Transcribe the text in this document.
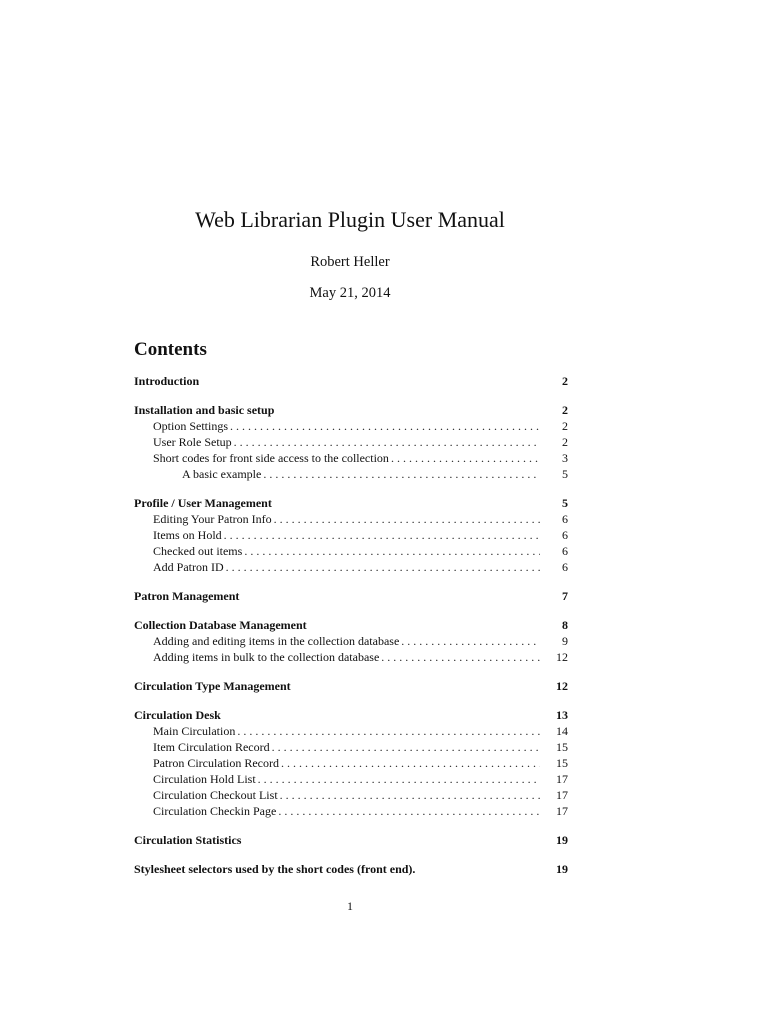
Web Librarian Plugin User Manual
Robert Heller
May 21, 2014
Contents
Introduction	2
Installation and basic setup	2
Option Settings . . .	2
User Role Setup . . .	2
Short codes for front side access to the collection . . .	3
A basic example . . .	5
Profile / User Management	5
Editing Your Patron Info . . .	6
Items on Hold . . .	6
Checked out items . . .	6
Add Patron ID . . .	6
Patron Management	7
Collection Database Management	8
Adding and editing items in the collection database . . .	9
Adding items in bulk to the collection database . . .	12
Circulation Type Management	12
Circulation Desk	13
Main Circulation . . .	14
Item Circulation Record . . .	15
Patron Circulation Record . . .	15
Circulation Hold List . . .	17
Circulation Checkout List . . .	17
Circulation Checkin Page . . .	17
Circulation Statistics	19
Stylesheet selectors used by the short codes (front end).	19
1
